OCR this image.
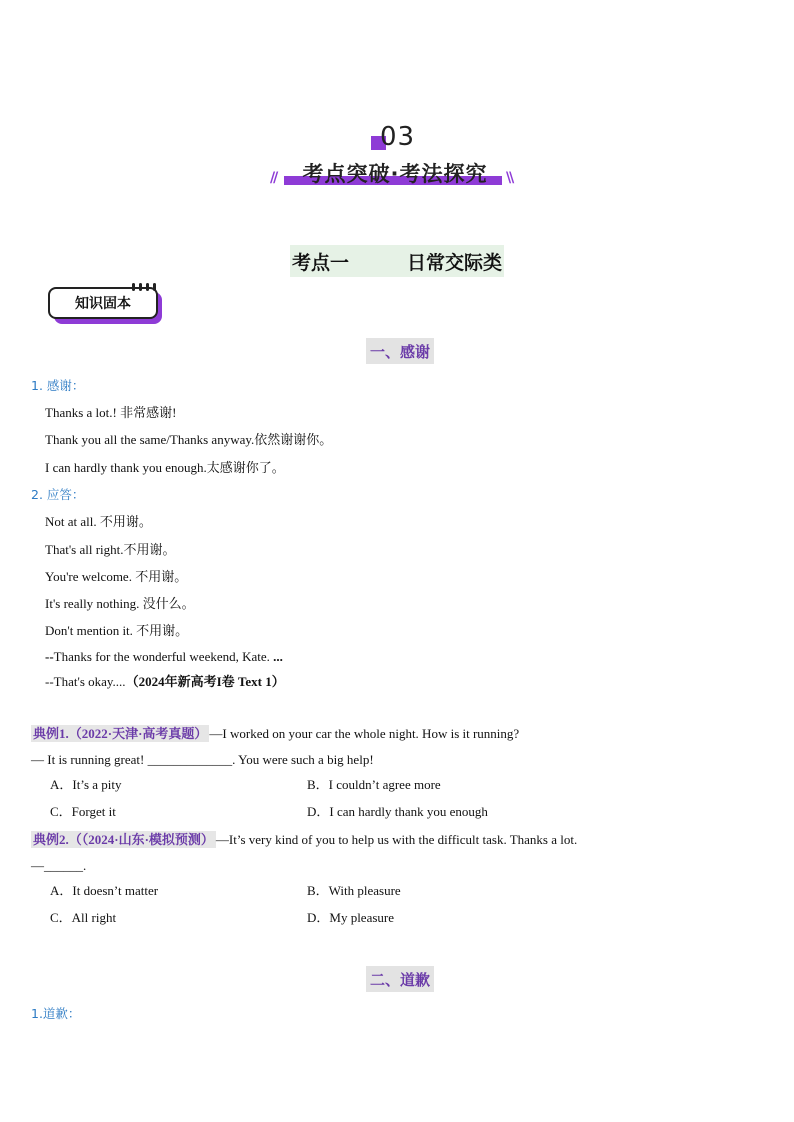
03
//	考点突破·考法探究	\\
考点一	日常交际类
知识固本
一、感谢
1. 感谢：
Thanks a lot.! 非常感谢!
Thank you all the same/Thanks anyway.依然谢谢你。
I can hardly thank you enough.太感谢你了。
2. 应答：
Not at all. 不用谢。
That's all right.不用谢。
You're welcome. 不用谢。
It's really nothing. 没什么。
Don't mention it. 不用谢。
--Thanks for the wonderful weekend, Kate. ...
--That's okay....（2024年新高考I卷 Text 1）
典例1.（2022·天津·高考真题） —I worked on your car the whole night. How is it running?
— It is running great! _____________. You were such a big help!
A．It’s a pity	B．I couldn’t agree more
C．Forget it	D．I can hardly thank you enough
典例2.（（2024·山东·模拟预测） —It’s very kind of you to help us with the difficult task. Thanks a lot.
—______.
A．It doesn’t matter	B．With pleasure
C．All right	D．My pleasure
二、道歉
1.道歉：
